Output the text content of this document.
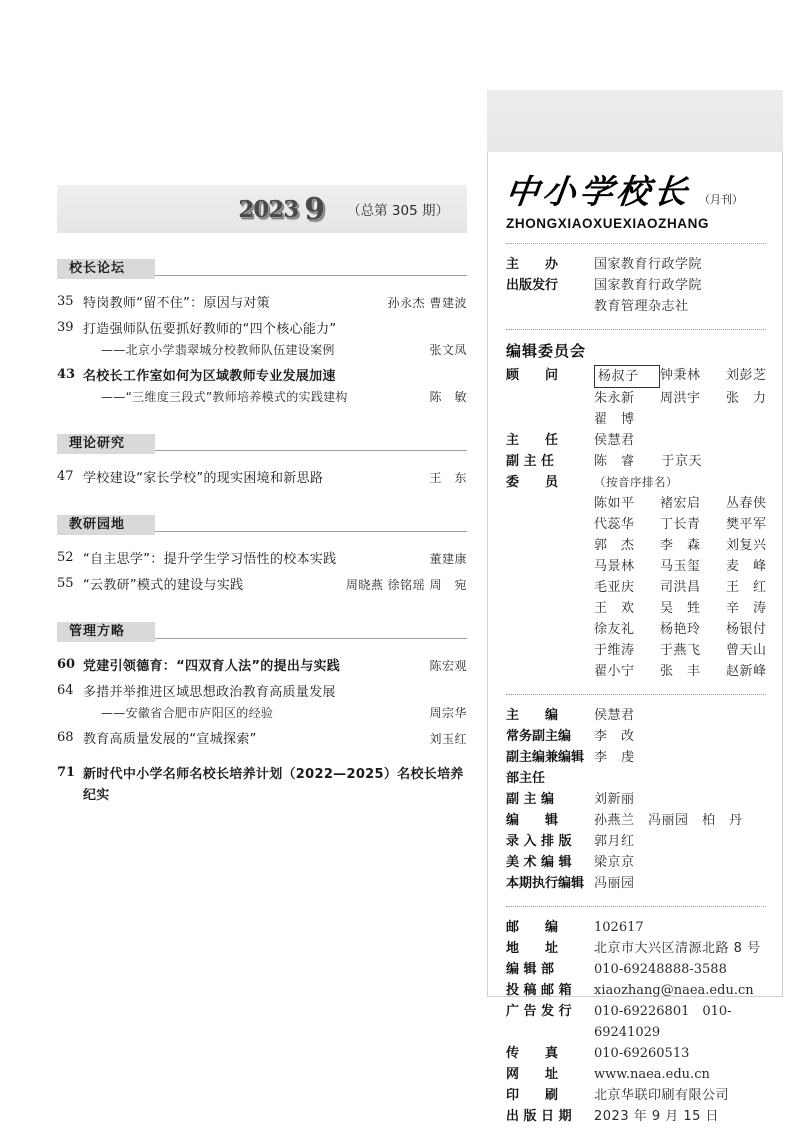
2023 9 （总第 305 期）
校长论坛
35 特岗教师“留不住”：原因与对策	孙永杰 曹建波
39 打造强师队伍要抓好教师的“四个核心能力”
——北京小学翡翠城分校教师队伍建设案例	张文凤
43 名校长工作室如何为区域教师专业发展加速
——“三维度三段式”教师培养模式的实践建构	陈　敏
理论研究
47 学校建设“家长学校”的现实困境和新思路	王　东
教研园地
52 “自主思学”：提升学生学习悟性的校本实践	董建康
55 “云教研”模式的建设与实践	周晓燕 徐铭瑶 周　宛
管理方略
60 党建引领德育：“四双育人法”的提出与实践	陈宏观
64 多措并举推进区域思想政治教育高质量发展
——安徽省合肥市庐阳区的经验	周宗华
68 教育高质量发展的“宣城探索”	刘玉红
71 新时代中小学名师名校长培养计划（2022—2025）名校长培养纪实
中小学校长 （月刊）
ZHONGXIAOXUEXIAOZHANG
主　　办	国家教育行政学院
出版发行	国家教育行政学院
教育管理杂志社
编辑委员会
顾　　问	杨叔子	钟秉林	刘彭芝
朱永新	周洪宇	张　力
翟　博
主　　任	侯慧君
副 主 任	陈　睿　　于京天
委　　员	（按音序排名）
陈如平	褚宏启	丛春侠
代蕊华	丁长青	樊平军
郭　杰	李　森	刘复兴
马景林	马玉玺	麦　峰
毛亚庆	司洪昌	王　红
王　欢	吴　甡	辛　涛
徐友礼	杨艳玲	杨银付
于维涛	于燕飞	曾天山
翟小宁	张　丰	赵新峰
主　　编	侯慧君
常务副主编	李　改
副主编兼编辑部主任
李　虔
副 主 编	刘新丽
编　　辑	孙燕兰　冯丽园　柏　丹
录 入 排 版	郭月红
美 术 编 辑	梁京京
本期执行编辑 冯丽园
邮　　编	102617
地　　址	北京市大兴区清源北路 8 号
编 辑 部	010-69248888-3588
投 稿 邮 箱	xiaozhang@naea.edu.cn
广 告 发 行	010-69226801　010-69241029
传　　真	010-69260513
网　　址	www.naea.edu.cn
印　　刷	北京华联印刷有限公司
出 版 日 期	2023 年 9 月 15 日
